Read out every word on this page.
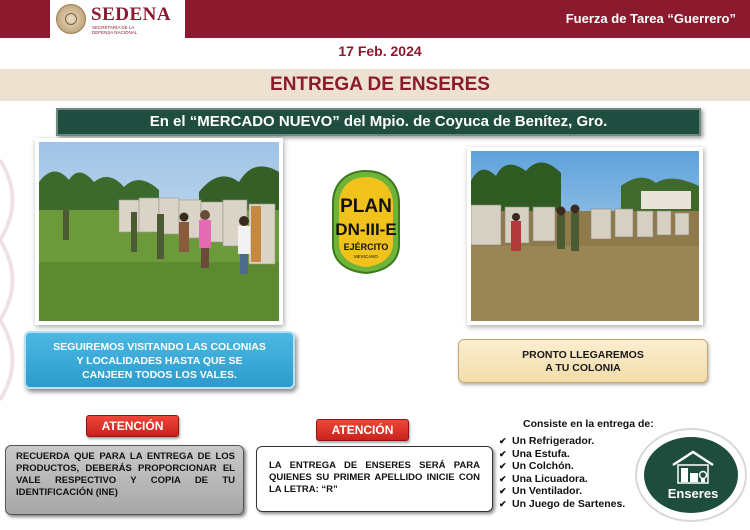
SEDENA
SECRETARÍA DE LA DEFENSA NACIONAL
Fuerza de Tarea “Guerrero”
17 Feb. 2024
ENTREGA DE ENSERES
En el “MERCADO NUEVO” del Mpio. de Coyuca de Benítez, Gro.
PLAN
DN-III-E
EJÉRCITO
MEXICANO
SEGUIREMOS VISITANDO LAS COLONIAS
Y LOCALIDADES HASTA QUE SE
CANJEEN TODOS LOS VALES.
PRONTO LLEGAREMOS
A TU COLONIA
ATENCIÓN
RECUERDA QUE PARA LA ENTREGA DE LOS PRODUCTOS, DEBERÁS PROPORCIONAR EL VALE RESPECTIVO Y COPIA DE TU IDENTIFICACIÓN (INE)
ATENCIÓN
LA ENTREGA DE ENSERES SERÁ PARA QUIENES SU PRIMER APELLIDO INICIE CON LA LETRA: “R”
Consiste en la entrega de:
✔ Un Refrigerador.
✔ Una Estufa.
✔ Un Colchón.
✔ Una Licuadora.
✔ Un Ventilador.
✔ Un Juego de Sartenes.
Enseres
